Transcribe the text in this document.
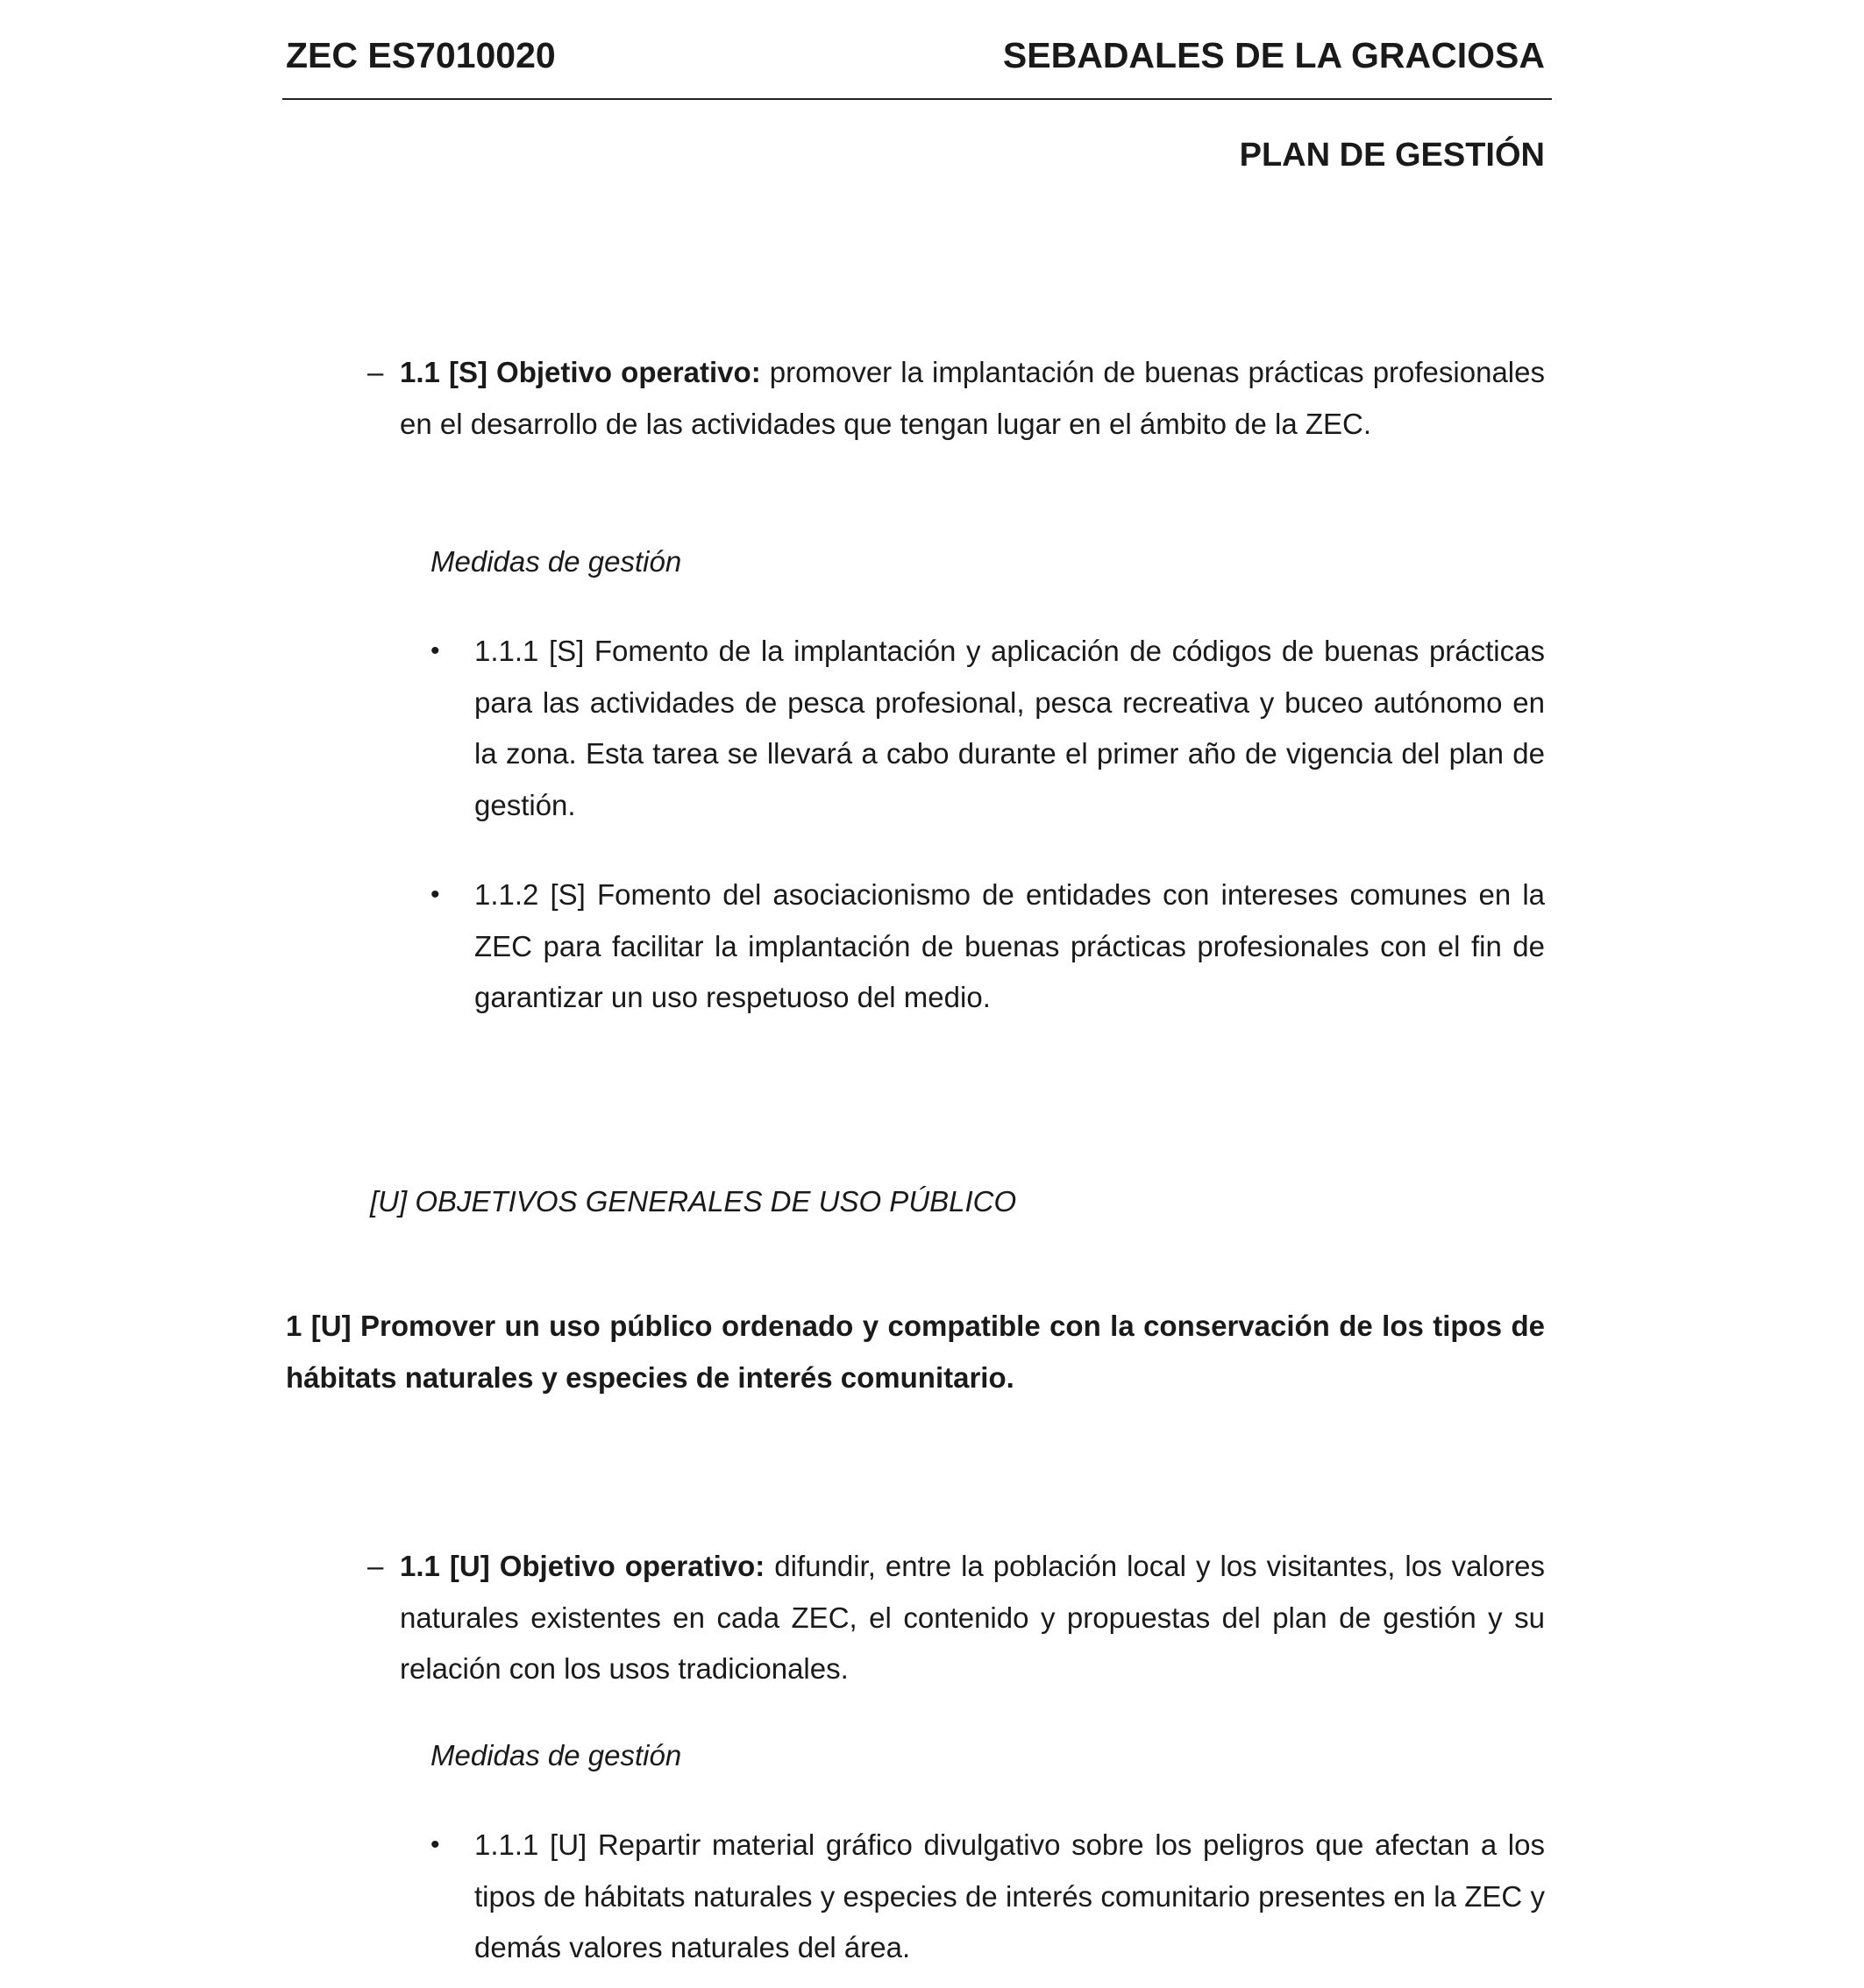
ZEC ES7010020	SEBADALES DE LA GRACIOSA
PLAN DE GESTIÓN
– 1.1 [S] Objetivo operativo: promover la implantación de buenas prácticas profesionales en el desarrollo de las actividades que tengan lugar en el ámbito de la ZEC.
Medidas de gestión
• 1.1.1 [S] Fomento de la implantación y aplicación de códigos de buenas prácticas para las actividades de pesca profesional, pesca recreativa y buceo autónomo en la zona. Esta tarea se llevará a cabo durante el primer año de vigencia del plan de gestión.
• 1.1.2 [S] Fomento del asociacionismo de entidades con intereses comunes en la ZEC para facilitar la implantación de buenas prácticas profesionales con el fin de garantizar un uso respetuoso del medio.
[U] OBJETIVOS GENERALES DE USO PÚBLICO
1 [U] Promover un uso público ordenado y compatible con la conservación de los tipos de hábitats naturales y especies de interés comunitario.
– 1.1 [U] Objetivo operativo: difundir, entre la población local y los visitantes, los valores naturales existentes en cada ZEC, el contenido y propuestas del plan de gestión y su relación con los usos tradicionales.
Medidas de gestión
• 1.1.1 [U] Repartir material gráfico divulgativo sobre los peligros que afectan a los tipos de hábitats naturales y especies de interés comunitario presentes en la ZEC y demás valores naturales del área.
